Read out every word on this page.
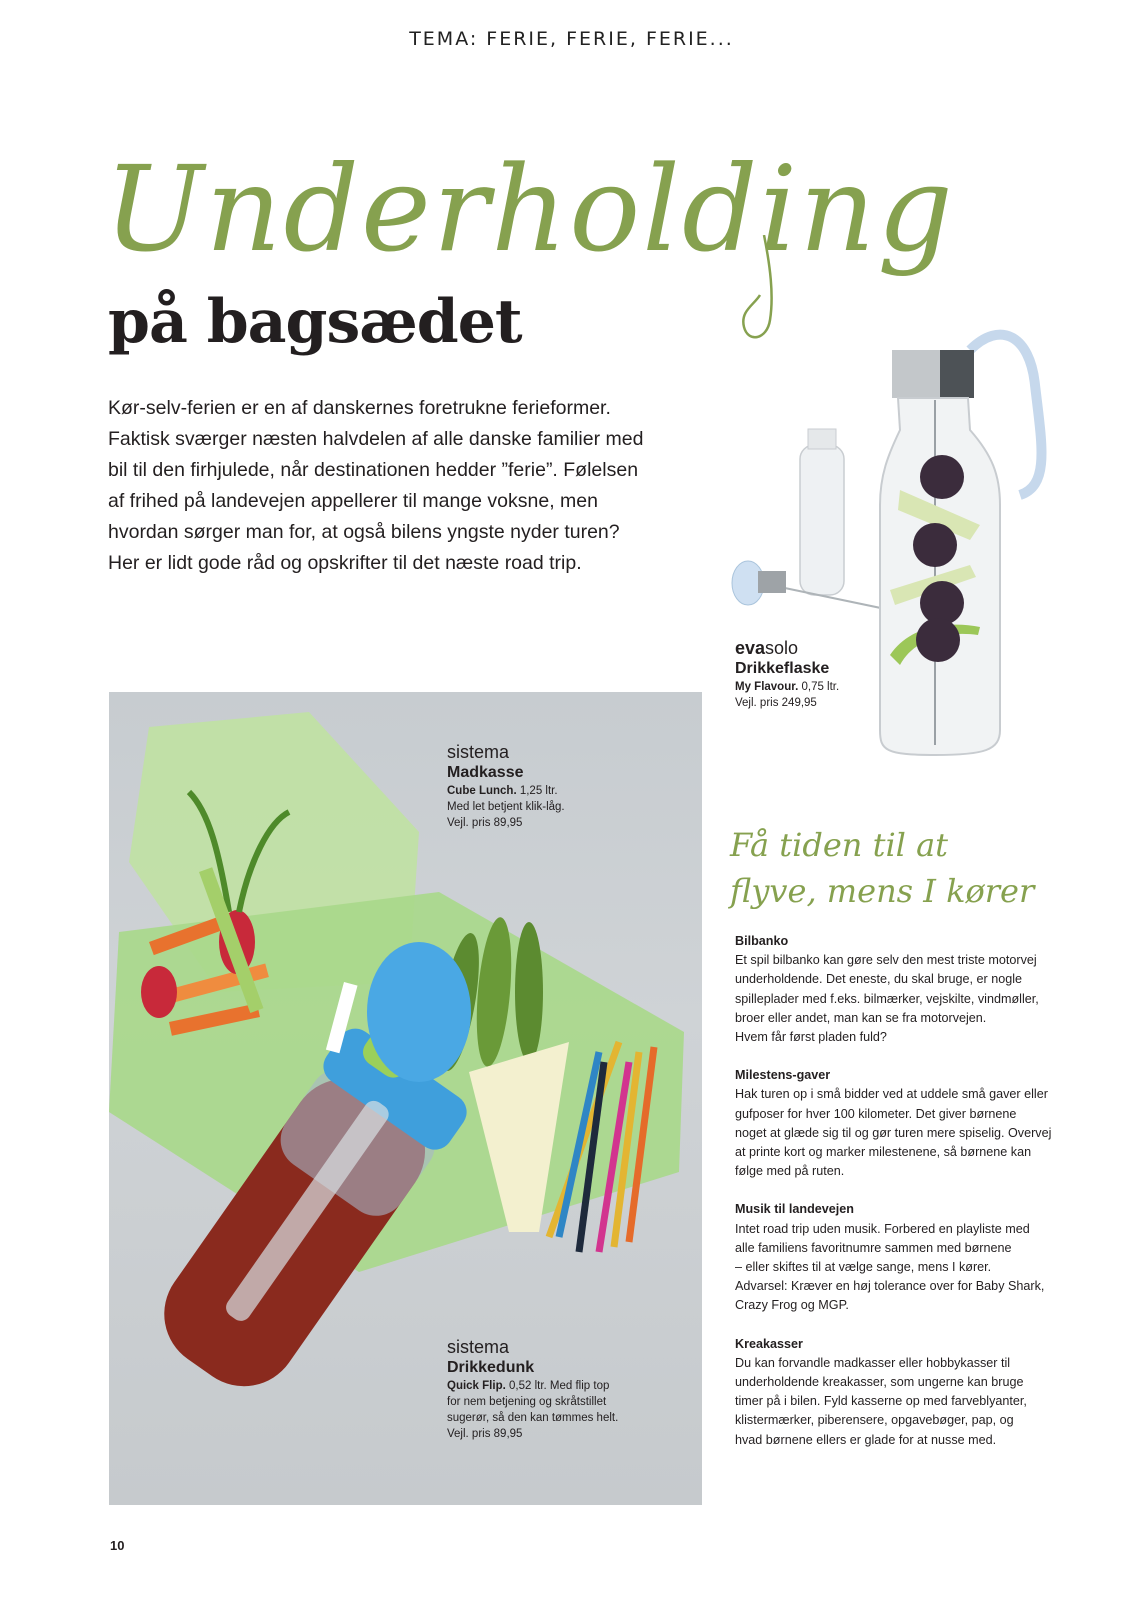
TEMA: FERIE, FERIE, FERIE...
Underholding
på bagsædet

Kør-selv-ferien er en af danskernes foretrukne ferieformer.

Faktisk sværger næsten halvdelen af alle danske familier med

bil til den firhjulede, når destinationen hedder ”ferie”. Følelsen

af frihed på landevejen appellerer til mange voksne, men

hvordan sørger man for, at også bilens yngste nyder turen?

Her er lidt gode råd og opskrifter til det næste road trip.

evasolo
Drikkeflaske
My Flavour. 0,75 ltr.
Vejl. pris 249,95
sistema
Madkasse
Cube Lunch. 1,25 ltr.
Med let betjent klik-låg.
Vejl. pris 89,95
sistema
Drikkedunk
Quick Flip. 0,52 ltr. Med flip top
for nem betjening og skråtstillet
sugerør, så den kan tømmes helt.
Vejl. pris 89,95
Få tiden til at
flyve, mens I kører
Bilbanko

Et spil bilbanko kan gøre selv den mest triste motorvej

underholdende. Det eneste, du skal bruge, er nogle

spilleplader med f.eks. bilmærker, vejskilte, vindmøller,

broer eller andet, man kan se fra motorvejen.

Hvem får først pladen fuld?

Milestens-gaver

Hak turen op i små bidder ved at uddele små gaver eller

gufposer for hver 100 kilometer. Det giver børnene

noget at glæde sig til og gør turen mere spiselig. Overvej

at printe kort og marker milestenene, så børnene kan

følge med på ruten.

Musik til landevejen

Intet road trip uden musik. Forbered en playliste med

alle familiens favoritnumre sammen med børnene

– eller skiftes til at vælge sange, mens I kører.

Advarsel: Kræver en høj tolerance over for Baby Shark,

Crazy Frog og MGP.

Kreakasser

Du kan forvandle madkasser eller hobbykasser til

underholdende kreakasser, som ungerne kan bruge

timer på i bilen. Fyld kasserne op med farveblyanter,

klistermærker, piberensere, opgavebøger, pap, og

hvad børnene ellers er glade for at nusse med.

10
